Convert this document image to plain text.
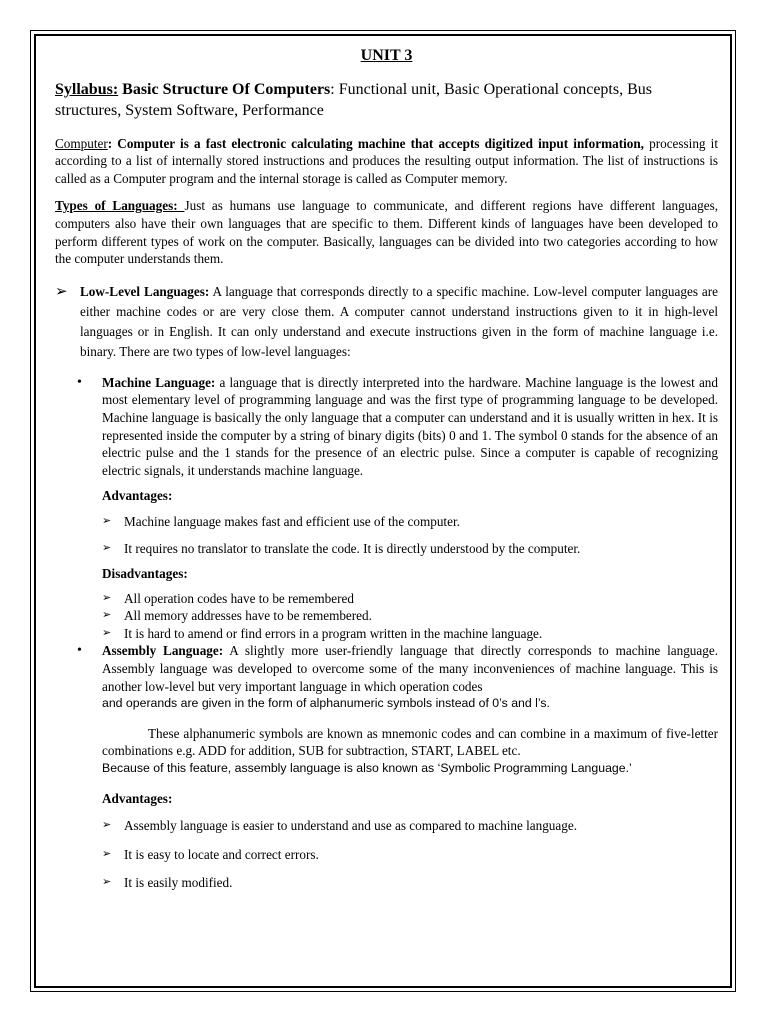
UNIT 3

Syllabus: Basic Structure Of Computers: Functional unit, Basic Operational concepts, Bus structures, System Software, Performance

Computer: Computer is a fast electronic calculating machine that accepts digitized input information, processing it according to a list of internally stored instructions and produces the resulting output information. The list of instructions is called as a Computer program and the internal storage is called as Computer memory.

Types of Languages: Just as humans use language to communicate, and different regions have different languages, computers also have their own languages that are specific to them. Different kinds of languages have been developed to perform different types of work on the computer. Basically, languages can be divided into two categories according to how the computer understands them.

➢ Low-Level Languages: A language that corresponds directly to a specific machine. Low-level computer languages are either machine codes or are very close them. A computer cannot understand instructions given to it in high-level languages or in English. It can only understand and execute instructions given in the form of machine language i.e. binary. There are two types of low-level languages:
• Machine Language: a language that is directly interpreted into the hardware. Machine language is the lowest and most elementary level of programming language and was the first type of programming language to be developed. Machine language is basically the only language that a computer can understand and it is usually written in hex. It is represented inside the computer by a string of binary digits (bits) 0 and 1. The symbol 0 stands for the absence of an electric pulse and the 1 stands for the presence of an electric pulse. Since a computer is capable of recognizing electric signals, it understands machine language.
Advantages:
➢ Machine language makes fast and efficient use of the computer.
➢ It requires no translator to translate the code. It is directly understood by the computer.
Disadvantages:
➢ All operation codes have to be remembered
➢ All memory addresses have to be remembered.
➢ It is hard to amend or find errors in a program written in the machine language.
• Assembly Language: A slightly more user-friendly language that directly corresponds to machine language. Assembly language was developed to overcome some of the many inconveniences of machine language. This is another low-level but very important language in which operation codes
and operands are given in the form of alphanumeric symbols instead of 0’s and l’s.
These alphanumeric symbols are known as mnemonic codes and can combine in a maximum of five-letter combinations e.g. ADD for addition, SUB for subtraction, START, LABEL etc.
Because of this feature, assembly language is also known as ‘Symbolic Programming Language.’
Advantages:
➢ Assembly language is easier to understand and use as compared to machine language.
➢ It is easy to locate and correct errors.
➢ It is easily modified.
